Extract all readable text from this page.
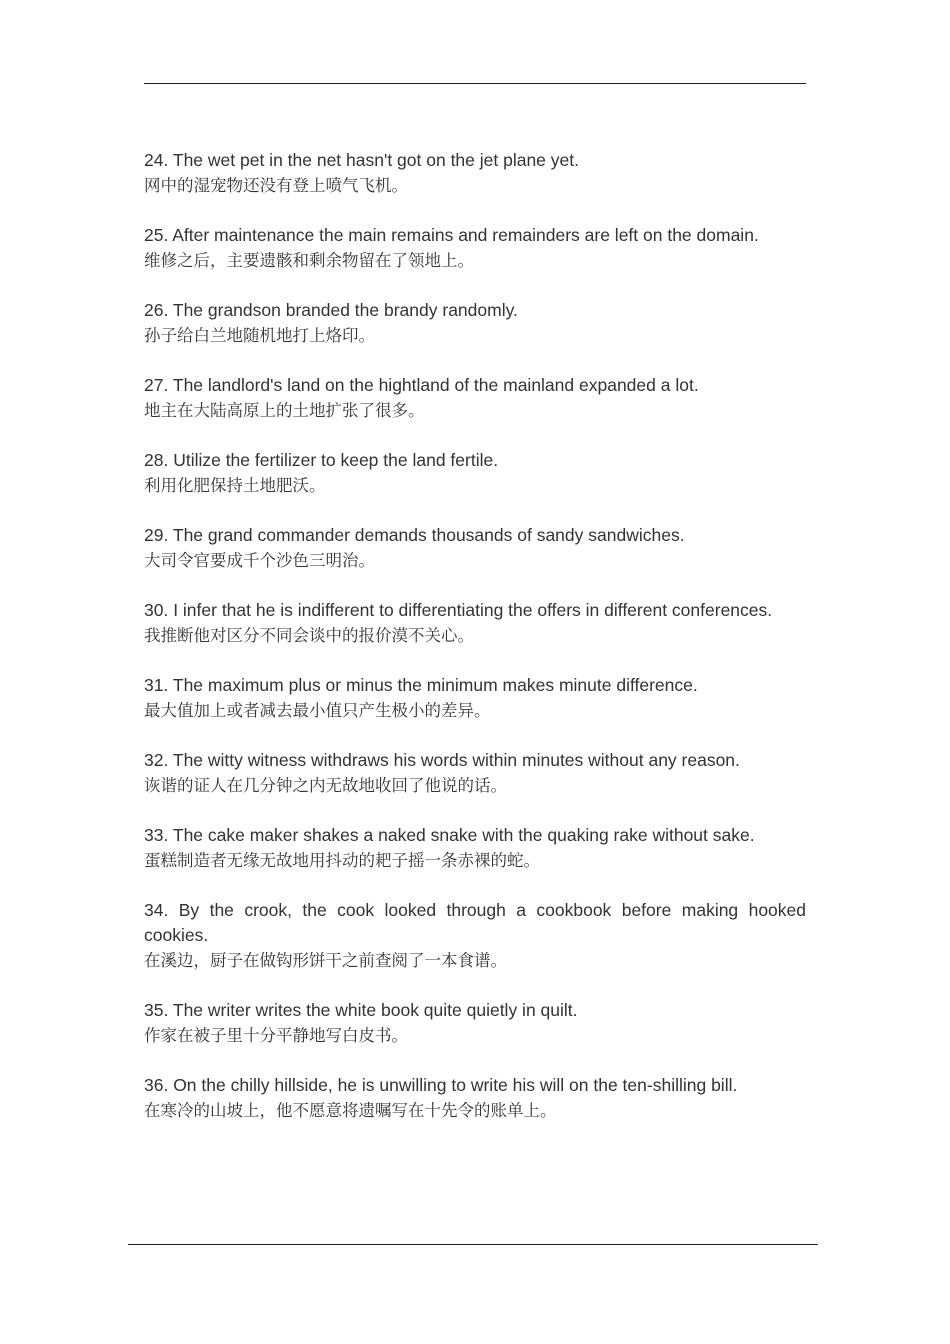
24. The wet pet in the net hasn't got on the jet plane yet.
网中的湿宠物还没有登上喷气飞机。
25. After maintenance the main remains and remainders are left on the domain.
维修之后，主要遗骸和剩余物留在了领地上。
26. The grandson branded the brandy randomly.
孙子给白兰地随机地打上烙印。
27. The landlord's land on the hightland of the mainland expanded a lot.
地主在大陆高原上的土地扩张了很多。
28. Utilize the fertilizer to keep the land fertile.
利用化肥保持土地肥沃。
29. The grand commander demands thousands of sandy sandwiches.
大司令官要成千个沙色三明治。
30. I infer that he is indifferent to differentiating the offers in different conferences.
我推断他对区分不同会谈中的报价漠不关心。
31. The maximum plus or minus the minimum makes minute difference.
最大值加上或者减去最小值只产生极小的差异。
32. The witty witness withdraws his words within minutes without any reason.
诙谐的证人在几分钟之内无故地收回了他说的话。
33. The cake maker shakes a naked snake with the quaking rake without sake.
蛋糕制造者无缘无故地用抖动的耙子摇一条赤裸的蛇。
34. By the crook, the cook looked through a cookbook before making hooked cookies.
在溪边，厨子在做钩形饼干之前查阅了一本食谱。
35. The writer writes the white book quite quietly in quilt.
作家在被子里十分平静地写白皮书。
36. On the chilly hillside, he is unwilling to write his will on the ten-shilling bill.
在寒冷的山坡上，他不愿意将遗嘱写在十先令的账单上。
